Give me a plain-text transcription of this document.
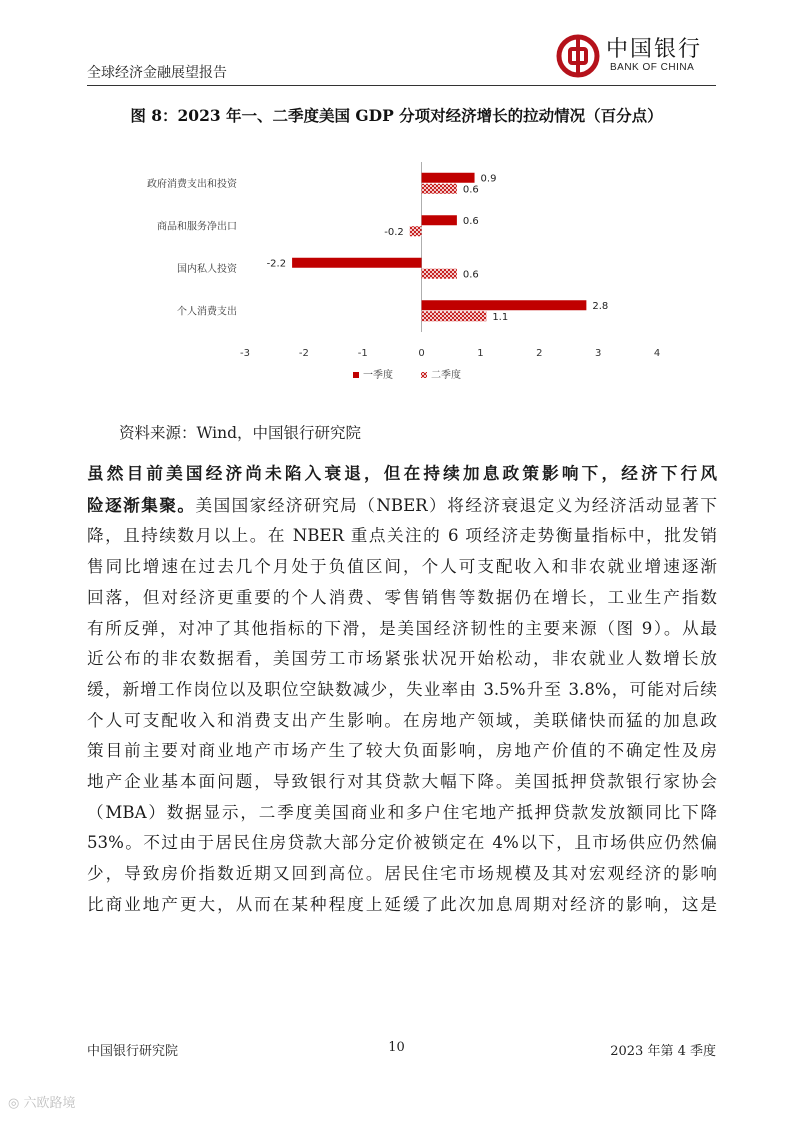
全球经济金融展望报告
中国银行
BANK OF CHINA
图 8：2023 年一、二季度美国 GDP 分项对经济增长的拉动情况（百分点）
政府消费支出和投资	0.9
0.6
商品和服务净出口	0.6
-0.2
国内私人投资	-2.2
0.6
个人消费支出	2.8
1.1
-3	-2	-1	0	1	2	3	4
一季度	二季度
资料来源：Wind，中国银行研究院
虽然目前美国经济尚未陷入衰退，但在持续加息政策影响下，经济下行风
险逐渐集聚。美国国家经济研究局（NBER）将经济衰退定义为经济活动显著下
降，且持续数月以上。在 NBER 重点关注的 6 项经济走势衡量指标中，批发销
售同比增速在过去几个月处于负值区间，个人可支配收入和非农就业增速逐渐
回落，但对经济更重要的个人消费、零售销售等数据仍在增长，工业生产指数
有所反弹，对冲了其他指标的下滑，是美国经济韧性的主要来源（图 9）。从最
近公布的非农数据看，美国劳工市场紧张状况开始松动，非农就业人数增长放
缓，新增工作岗位以及职位空缺数减少，失业率由 3.5%升至 3.8%，可能对后续
个人可支配收入和消费支出产生影响。在房地产领域，美联储快而猛的加息政
策目前主要对商业地产市场产生了较大负面影响，房地产价值的不确定性及房
地产企业基本面问题，导致银行对其贷款大幅下降。美国抵押贷款银行家协会
（MBA）数据显示，二季度美国商业和多户住宅地产抵押贷款发放额同比下降
53%。不过由于居民住房贷款大部分定价被锁定在 4%以下，且市场供应仍然偏
少，导致房价指数近期又回到高位。居民住宅市场规模及其对宏观经济的影响
比商业地产更大，从而在某种程度上延缓了此次加息周期对经济的影响，这是
中国银行研究院	10	2023 年第 4 季度
◎ 六欧路境
